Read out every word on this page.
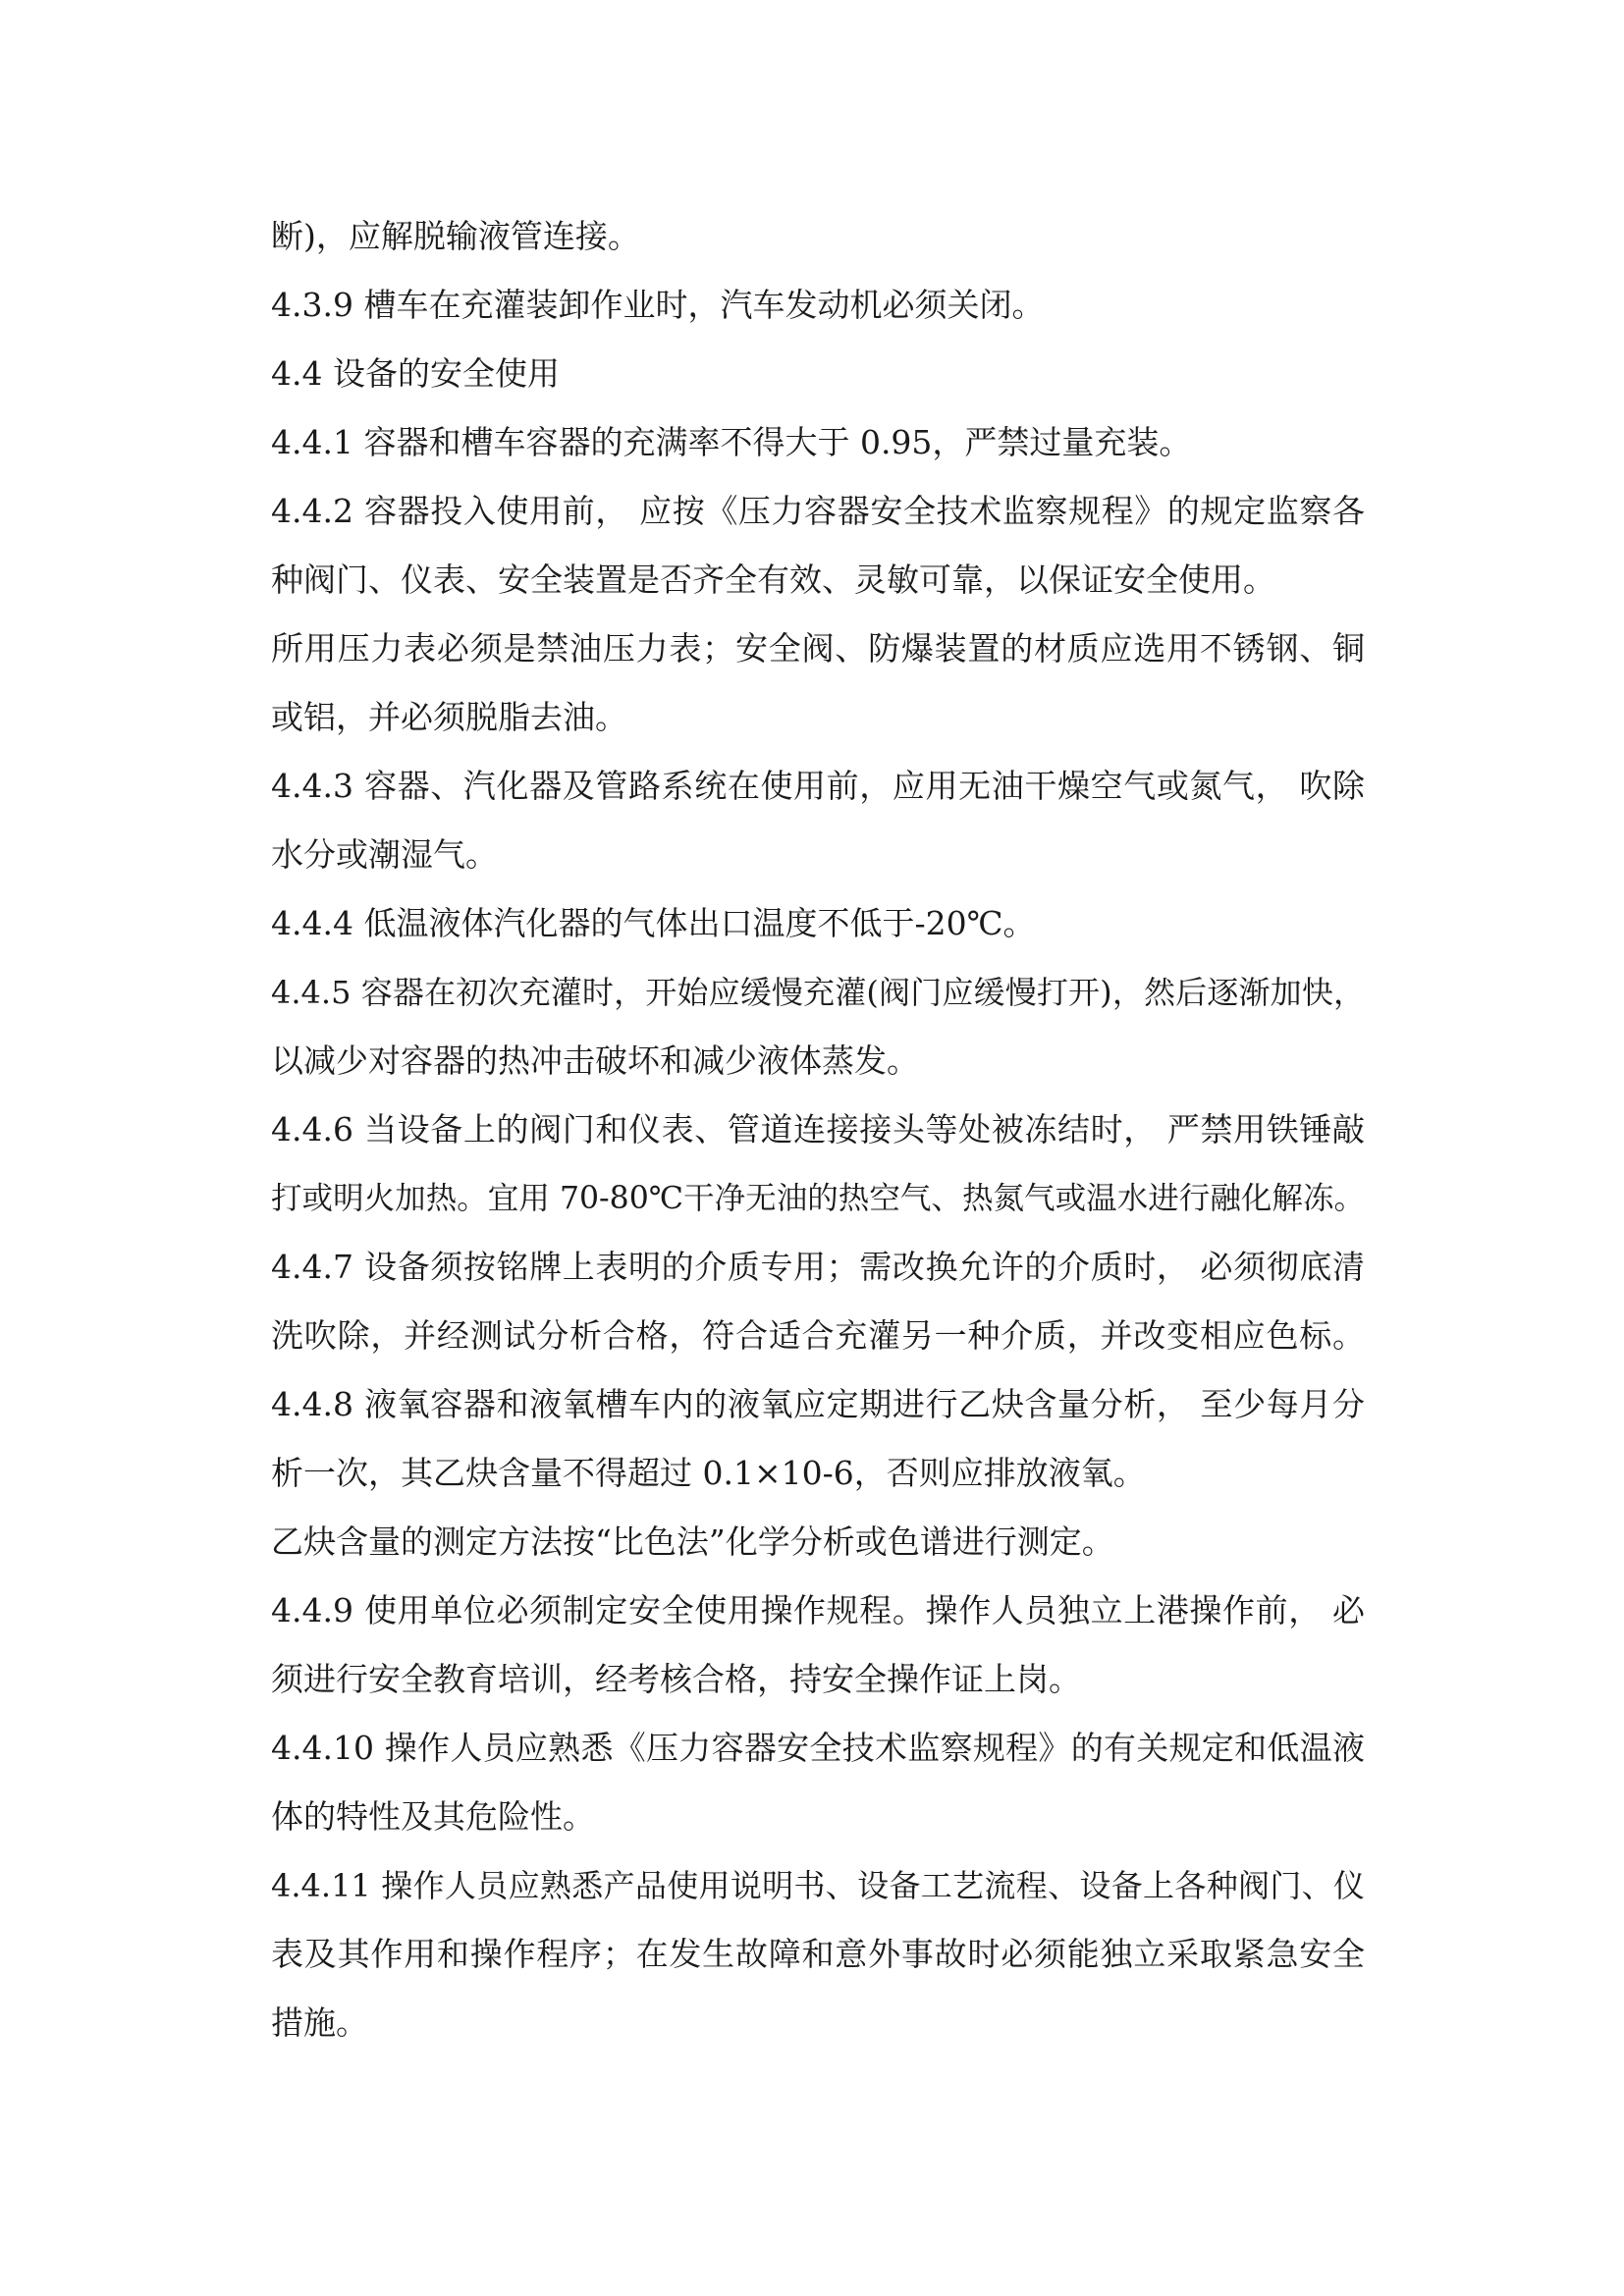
断)，应解脱输液管连接。
4.3.9 槽车在充灌装卸作业时，汽车发动机必须关闭。
4.4 设备的安全使用
4.4.1 容器和槽车容器的充满率不得大于 0.95，严禁过量充装。
4.4.2 容器投入使用前， 应按《压力容器安全技术监察规程》的规定监察各
种阀门、仪表、安全装置是否齐全有效、灵敏可靠，以保证安全使用。
所用压力表必须是禁油压力表；安全阀、防爆装置的材质应选用不锈钢、铜
或铝，并必须脱脂去油。
4.4.3 容器、汽化器及管路系统在使用前，应用无油干燥空气或氮气， 吹除
水分或潮湿气。
4.4.4 低温液体汽化器的气体出口温度不低于-20℃。
4.4.5 容器在初次充灌时，开始应缓慢充灌(阀门应缓慢打开)，然后逐渐加快，
以减少对容器的热冲击破坏和减少液体蒸发。
4.4.6 当设备上的阀门和仪表、管道连接接头等处被冻结时， 严禁用铁锤敲
打或明火加热。宜用 70-80℃干净无油的热空气、热氮气或温水进行融化解冻。
4.4.7 设备须按铭牌上表明的介质专用；需改换允许的介质时， 必须彻底清
洗吹除，并经测试分析合格，符合适合充灌另一种介质，并改变相应色标。
4.4.8 液氧容器和液氧槽车内的液氧应定期进行乙炔含量分析， 至少每月分
析一次，其乙炔含量不得超过 0.1×10-6，否则应排放液氧。
乙炔含量的测定方法按“比色法”化学分析或色谱进行测定。
4.4.9 使用单位必须制定安全使用操作规程。操作人员独立上港操作前， 必
须进行安全教育培训，经考核合格，持安全操作证上岗。
4.4.10 操作人员应熟悉《压力容器安全技术监察规程》的有关规定和低温液
体的特性及其危险性。
4.4.11 操作人员应熟悉产品使用说明书、设备工艺流程、设备上各种阀门、仪
表及其作用和操作程序；在发生故障和意外事故时必须能独立采取紧急安全
措施。
